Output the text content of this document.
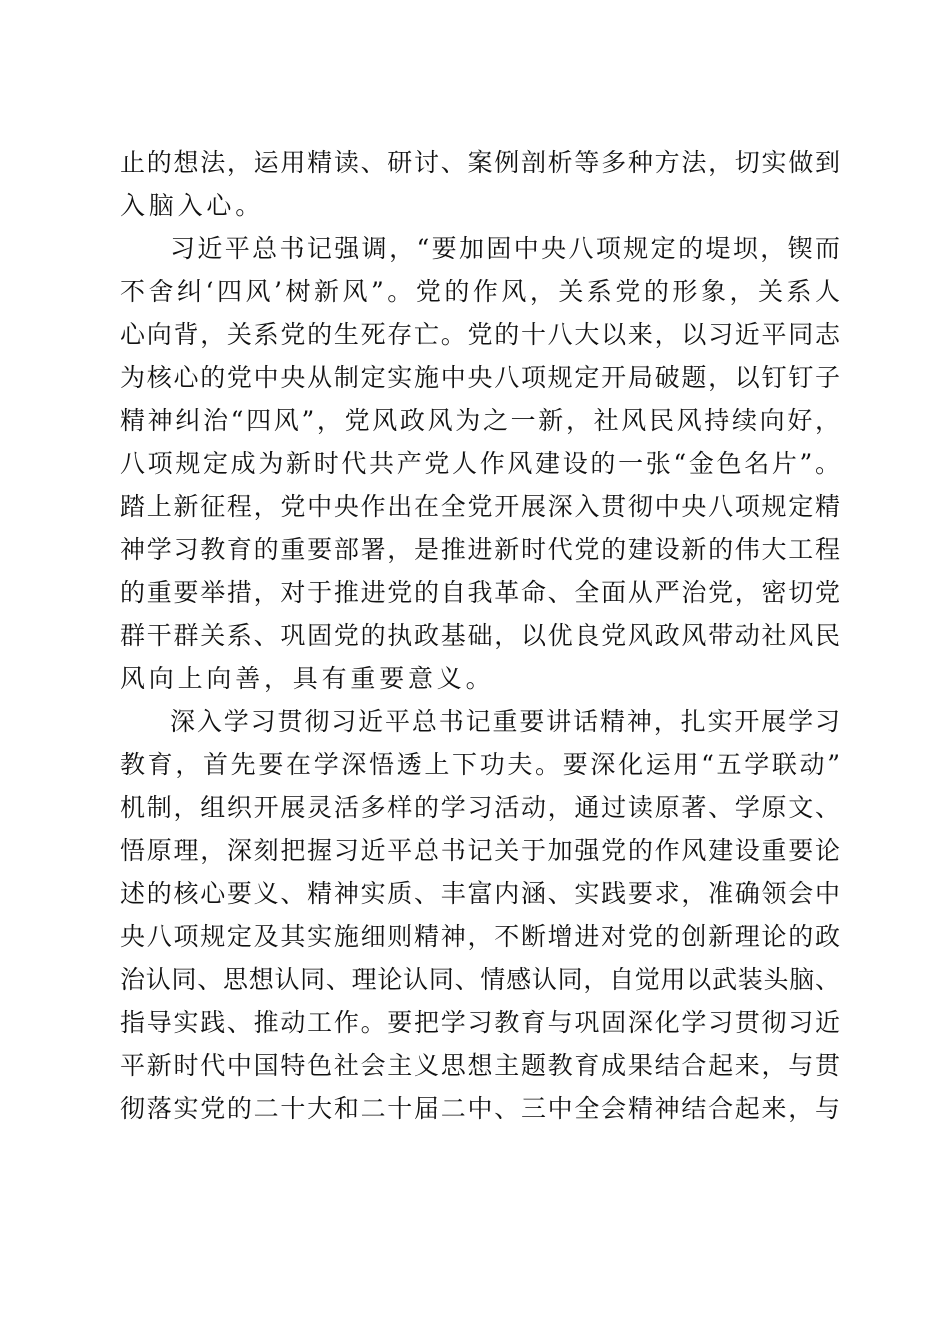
止的想法，运用精读、研讨、案例剖析等多种方法，切实做到
入脑入心。
习近平总书记强调，“要加固中央八项规定的堤坝，锲而
不舍纠‘四风’树新风”。党的作风，关系党的形象，关系人
心向背，关系党的生死存亡。党的十八大以来，以习近平同志
为核心的党中央从制定实施中央八项规定开局破题，以钉钉子
精神纠治“四风”，党风政风为之一新，社风民风持续向好，
八项规定成为新时代共产党人作风建设的一张“金色名片”。
踏上新征程，党中央作出在全党开展深入贯彻中央八项规定精
神学习教育的重要部署，是推进新时代党的建设新的伟大工程
的重要举措，对于推进党的自我革命、全面从严治党，密切党
群干群关系、巩固党的执政基础，以优良党风政风带动社风民
风向上向善，具有重要意义。
深入学习贯彻习近平总书记重要讲话精神，扎实开展学习
教育，首先要在学深悟透上下功夫。要深化运用“五学联动”
机制，组织开展灵活多样的学习活动，通过读原著、学原文、
悟原理，深刻把握习近平总书记关于加强党的作风建设重要论
述的核心要义、精神实质、丰富内涵、实践要求，准确领会中
央八项规定及其实施细则精神，不断增进对党的创新理论的政
治认同、思想认同、理论认同、情感认同，自觉用以武装头脑、
指导实践、推动工作。要把学习教育与巩固深化学习贯彻习近
平新时代中国特色社会主义思想主题教育成果结合起来，与贯
彻落实党的二十大和二十届二中、三中全会精神结合起来，与
